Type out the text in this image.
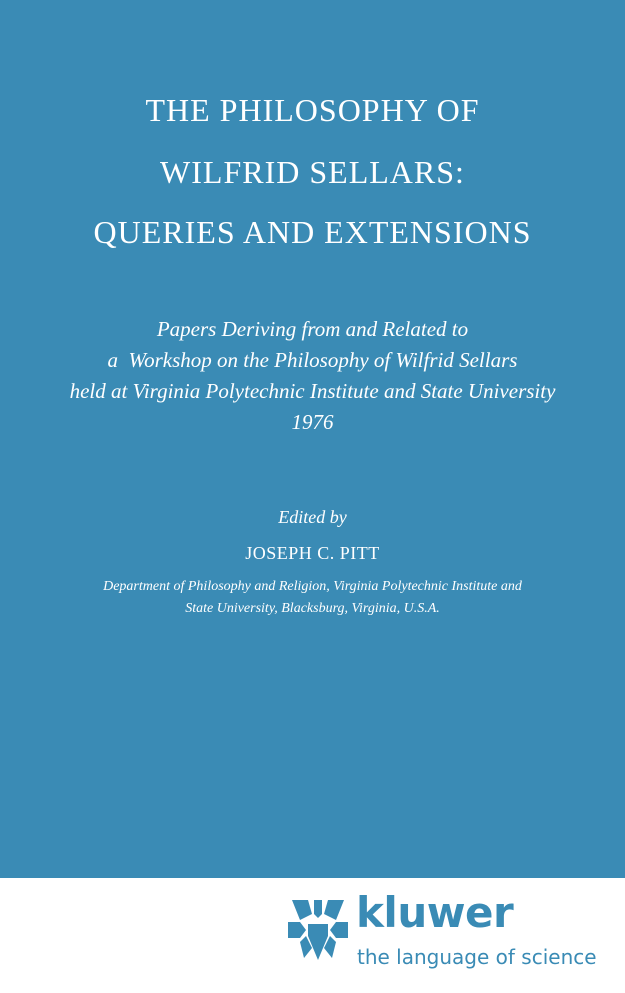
THE PHILOSOPHY OF
WILFRID SELLARS:
QUERIES AND EXTENSIONS
Papers Deriving from and Related to
a  Workshop on the Philosophy of Wilfrid Sellars
held at Virginia Polytechnic Institute and State University
1976
Edited by
JOSEPH C. PITT
Department of Philosophy and Religion, Virginia Polytechnic Institute and
State University, Blacksburg, Virginia, U.S.A.
kluwer
the language of science
